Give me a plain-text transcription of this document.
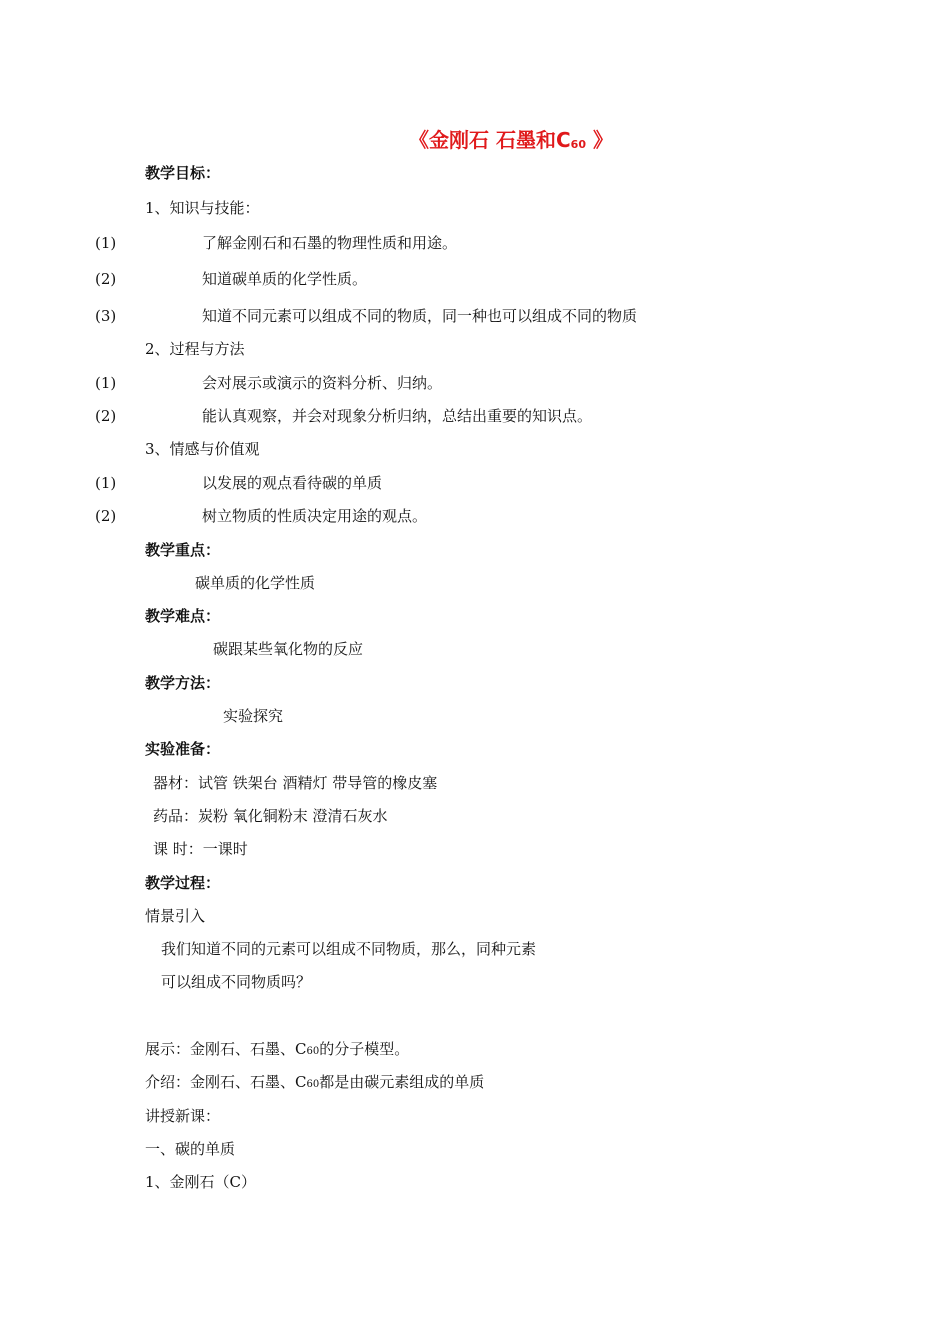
《金刚石 石墨和C60 》
教学目标：
1、知识与技能：
(1)	了解金刚石和石墨的物理性质和用途。
(2)	知道碳单质的化学性质。
(3)	知道不同元素可以组成不同的物质，同一种也可以组成不同的物质
2、过程与方法
(1)	会对展示或演示的资料分析、归纳。
(2)	能认真观察，并会对现象分析归纳，总结出重要的知识点。
3、情感与价值观
(1)	以发展的观点看待碳的单质
(2)	树立物质的性质决定用途的观点。
教学重点：
碳单质的化学性质
教学难点：
碳跟某些氧化物的反应
教学方法：
实验探究
实验准备：
器材：试管 铁架台 酒精灯 带导管的橡皮塞
药品：炭粉 氧化铜粉末 澄清石灰水
课 时：一课时
教学过程：
情景引入
我们知道不同的元素可以组成不同物质，那么，同种元素
可以组成不同物质吗？
展示：金刚石、石墨、C60的分子模型。
介绍：金刚石、石墨、C60都是由碳元素组成的单质
讲授新课：
一、碳的单质
1、金刚石（C）
